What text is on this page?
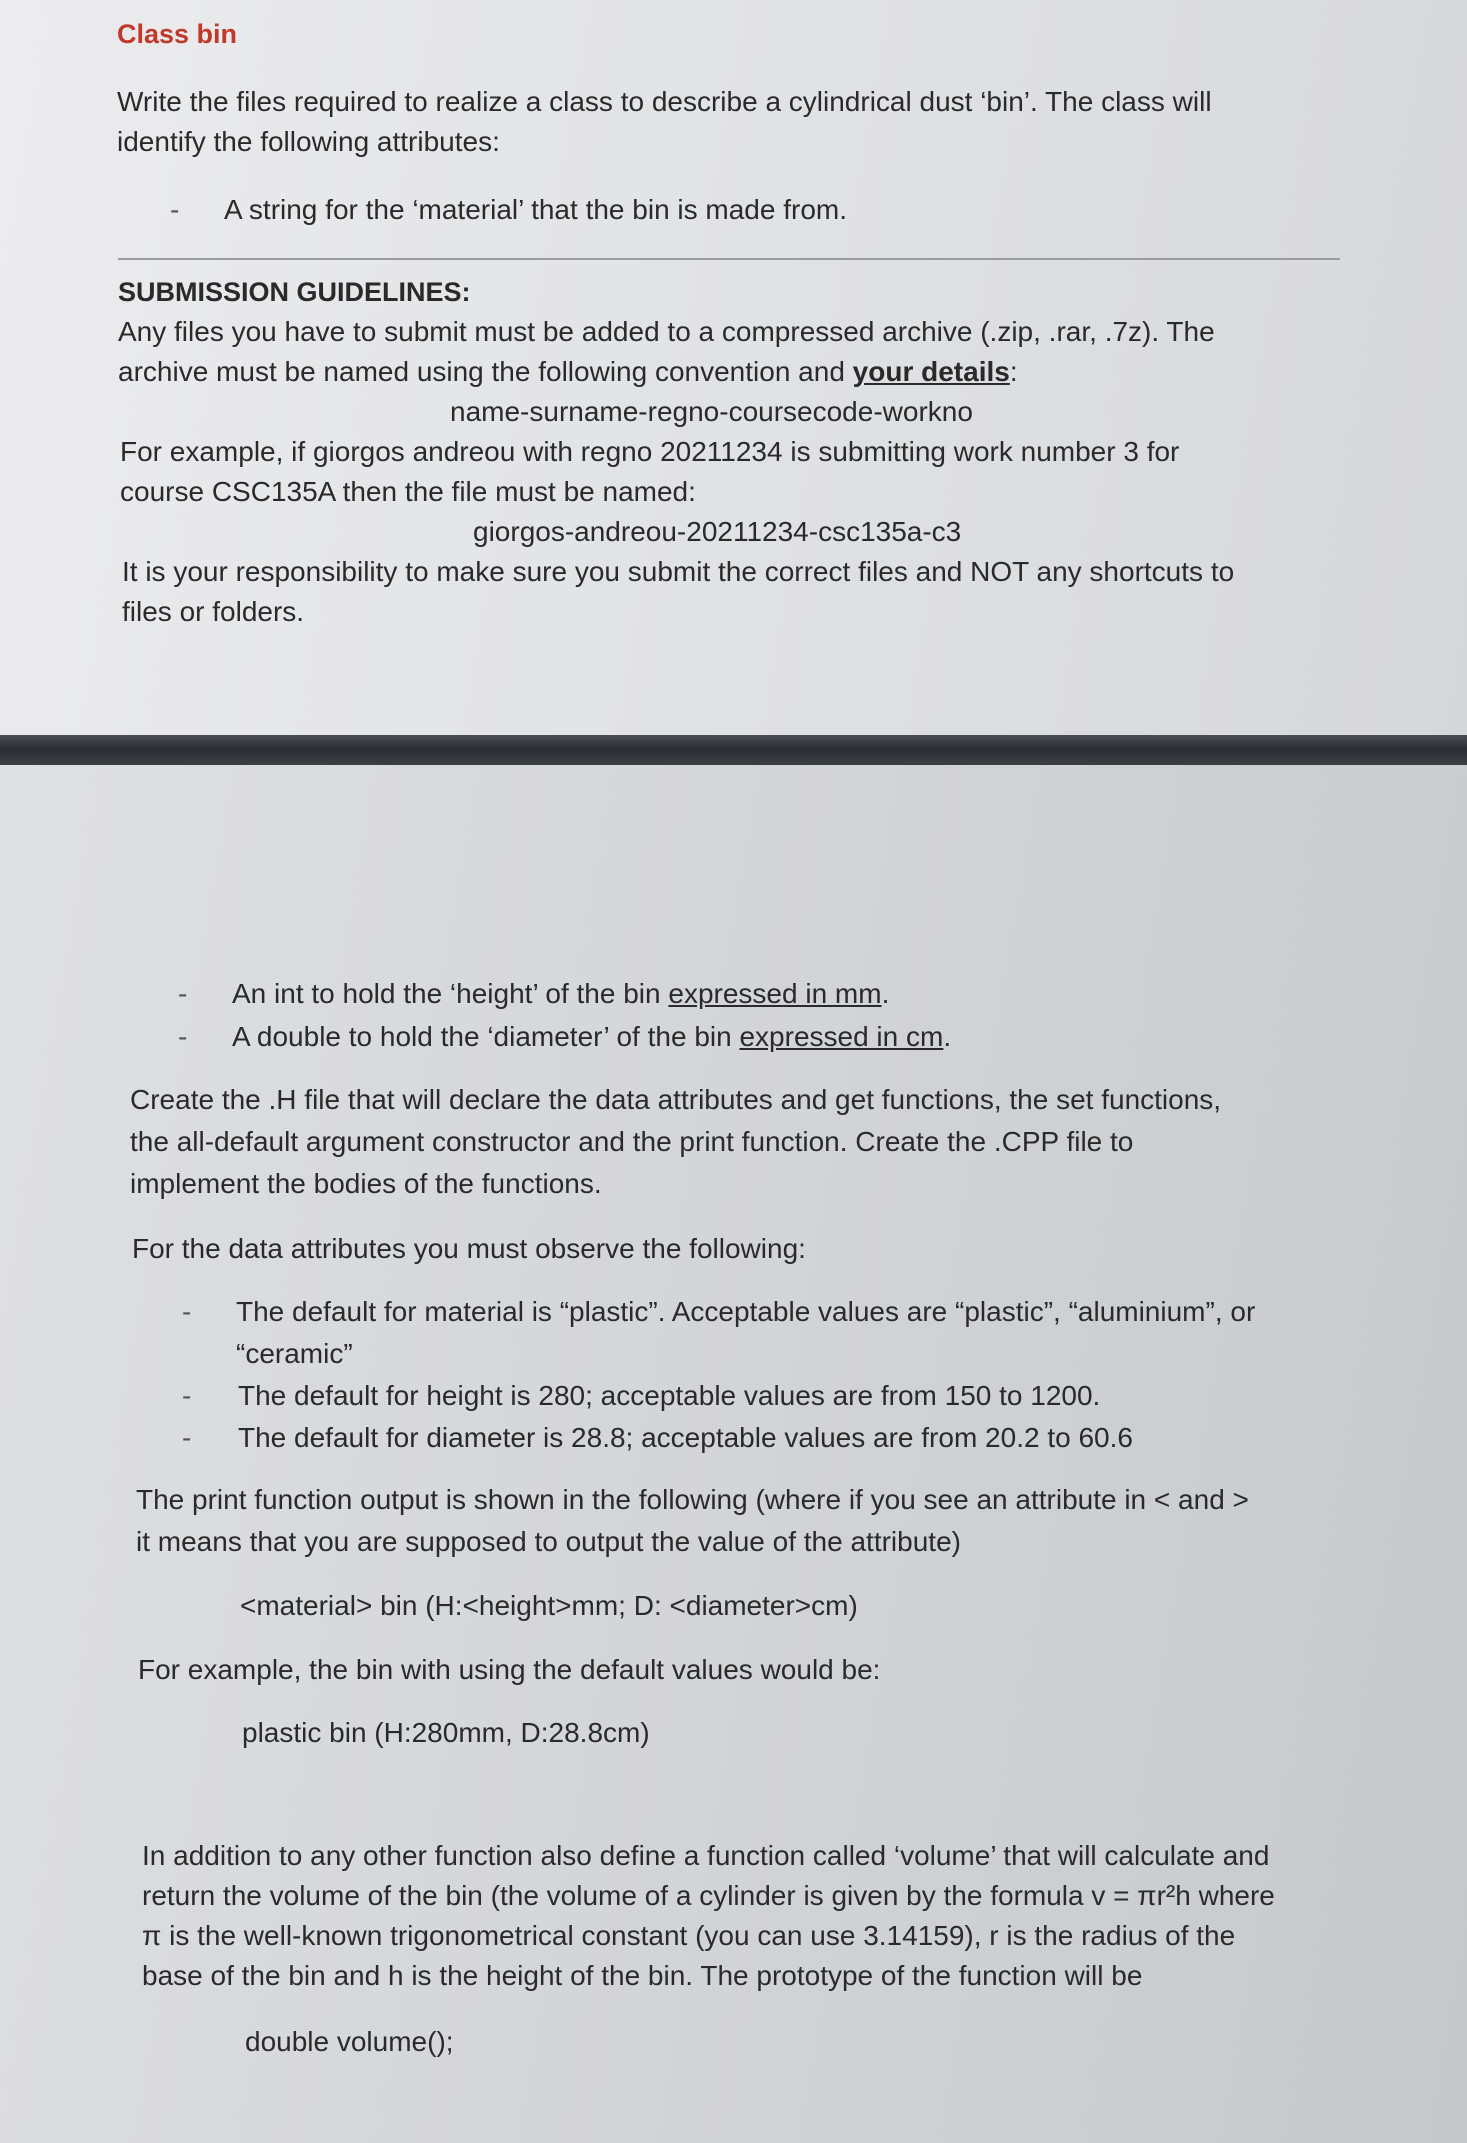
Class bin
Write the files required to realize a class to describe a cylindrical dust ‘bin’. The class will
identify the following attributes:
- A string for the ‘material’ that the bin is made from.
SUBMISSION GUIDELINES:
Any files you have to submit must be added to a compressed archive (.zip, .rar, .7z). The
archive must be named using the following convention and your details:
name-surname-regno-coursecode-workno
For example, if giorgos andreou with regno 20211234 is submitting work number 3 for
course CSC135A then the file must be named:
giorgos-andreou-20211234-csc135a-c3
It is your responsibility to make sure you submit the correct files and NOT any shortcuts to
files or folders.
- An int to hold the ‘height’ of the bin expressed in mm.
- A double to hold the ‘diameter’ of the bin expressed in cm.
Create the .H file that will declare the data attributes and get functions, the set functions,
the all-default argument constructor and the print function. Create the .CPP file to
implement the bodies of the functions.
For the data attributes you must observe the following:
- The default for material is “plastic”. Acceptable values are “plastic”, “aluminium”, or
“ceramic”
- The default for height is 280; acceptable values are from 150 to 1200.
- The default for diameter is 28.8; acceptable values are from 20.2 to 60.6
The print function output is shown in the following (where if you see an attribute in < and >
it means that you are supposed to output the value of the attribute)
<material> bin (H:<height>mm; D: <diameter>cm)
For example, the bin with using the default values would be:
plastic bin (H:280mm, D:28.8cm)
In addition to any other function also define a function called ‘volume’ that will calculate and
return the volume of the bin (the volume of a cylinder is given by the formula v = πr²h where
π is the well-known trigonometrical constant (you can use 3.14159), r is the radius of the
base of the bin and h is the height of the bin. The prototype of the function will be
double volume();
